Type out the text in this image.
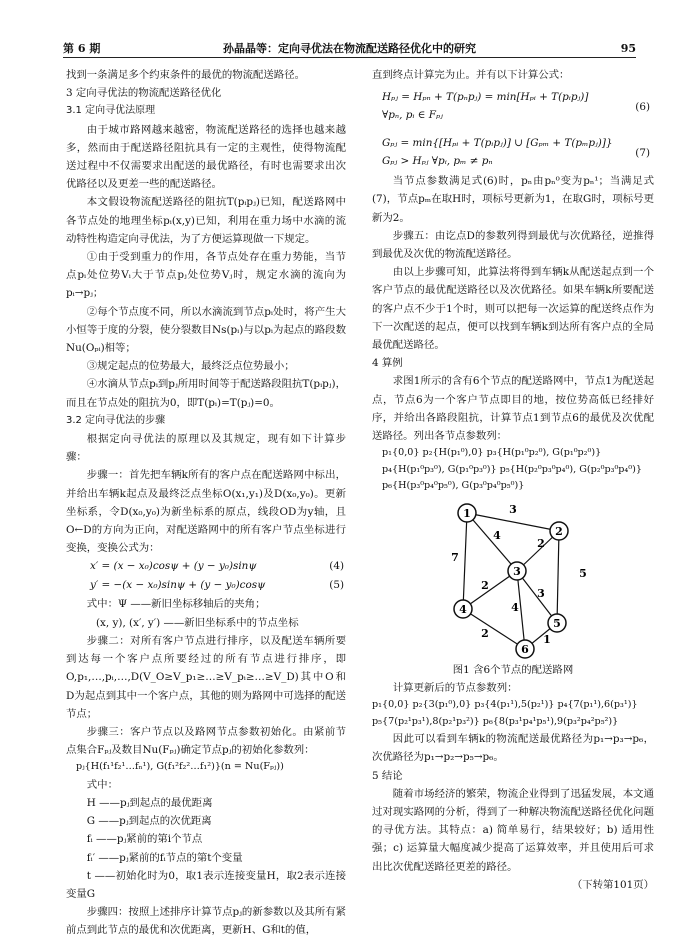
第 6 期	孙晶晶等：定向寻优法在物流配送路径优化中的研究	95

找到一条满足多个约束条件的最优的物流配送路径。

3 定向寻优法的物流配送路径优化

3.1 定向寻优法原理

由于城市路网越来越密，物流配送路径的选择也越来越多，然而由于配送路径阻抗具有一定的主观性，使得物流配送过程中不仅需要求出配送的最优路径，有时也需要求出次优路径以及更差一些的配送路径。

本文假设物流配送路径的阻抗T(pᵢpⱼ)已知，配送路网中各节点处的地理坐标pᵢ(x,y)已知，利用在重力场中水滴的流动特性构造定向寻优法，为了方便运算现做一下规定。

①由于受到重力的作用，各节点处存在重力势能，当节点pᵢ处位势Vᵢ大于节点pⱼ处位势Vⱼ时，规定水滴的流向为pᵢ→pⱼ；

②每个节点度不同，所以水滴流到节点pᵢ处时，将产生大小恒等于度的分裂，使分裂数目Ns(pᵢ)与以pᵢ为起点的路段数Nu(Oₚᵢ)相等；

③规定起点的位势最大，最终泛点位势最小；

④水滴从节点pᵢ到pⱼ所用时间等于配送路段阻抗T(pᵢpⱼ)，而且在节点处的阻抗为0，即T(pᵢ)=T(pⱼ)=0。

3.2 定向寻优法的步骤

根据定向寻优法的原理以及其规定，现有如下计算步骤：

步骤一：首先把车辆k所有的客户点在配送路网中标出，并给出车辆k起点及最终泛点坐标O(x₁,y₁)及D(x₀,y₀)。更新坐标系，令D(x₀,y₀)为新坐标系的原点，线段OD为y轴，且O←D的方向为正向，对配送路网中的所有客户节点坐标进行变换，变换公式为：

x′ = (x − x₀)cosψ + (y − y₀)sinψ	(4)
y′ = −(x − x₀)sinψ + (y − y₀)cosψ	(5)

式中：Ψ ——新旧坐标移轴后的夹角；

(x, y), (x′, y′) ——新旧坐标系中的节点坐标

步骤二：对所有客户节点进行排序，以及配送车辆所要到达每一个客户点所要经过的所有节点进行排序，即O,p₁,…,pᵢ,…,D(V_O≥V_p₁≥…≥V_pᵢ≥…≥V_D)其中O和D为起点到其中一个客户点，其他的则为路网中可选择的配送节点；

步骤三：客户节点以及路网节点参数初始化。由紧前节点集合Fₚⱼ及数目Nu(Fₚⱼ)确定节点pⱼ的初始化参数列：

pⱼ{H(f₁¹f₂¹…fₙ¹), G(f₁²f₂²…f₁²)}(n = Nu(Fₚⱼ))

式中：

H ——pⱼ到起点的最优距离

G ——pⱼ到起点的次优距离

fᵢ ——pⱼ紧前的第i个节点

fᵢ′ ——pⱼ紧前的fᵢ节点的第t个变量

t ——初始化时为0，取1表示连接变量H，取2表示连接变量G

步骤四：按照上述排序计算节点pⱼ的新参数以及其所有紧前点到此节点的最优和次优距离，更新H、G和t的值，

直到终点计算完为止。并有以下计算公式：

Hₚⱼ = Hₚₙ + T(pₙpⱼ) = min[Hₚᵢ + T(pᵢpⱼ)]
∀pₙ, pᵢ ∈ Fₚⱼ
(6)
Gₚⱼ = min{[Hₚᵢ + T(pᵢpⱼ)] ∪ [Gₚₘ + T(pₘpⱼ)]}
Gₚⱼ > Hₚⱼ ∀pᵢ, pₘ ≠ pₙ
(7)

当节点参数满足式(6)时，pₙ由pₙ⁰变为pₙ¹；当满足式(7)，节点pₘ在取H时，项标号更新为1，在取G时，项标号更新为2。

步骤五：由讫点D的参数列得到最优与次优路径，逆推得到最优及次优的物流配送路径。

由以上步骤可知，此算法将得到车辆k从配送起点到一个客户节点的最优配送路径以及次优路径。如果车辆k所要配送的客户点不少于1个时，则可以把每一次运算的配送终点作为下一次配送的起点，便可以找到车辆k到达所有客户点的全局最优配送路径。

4 算例

求图1所示的含有6个节点的配送路网中，节点1为配送起点，节点6为一个客户节点即目的地，按位势高低已经排好序，并给出各路段阻抗，计算节点1到节点6的最优及次优配送路径。列出各节点参数列：

p₁{0,0} p₂{H(p₁⁰),0} p₃{H(p₁⁰p₂⁰), G(p₁⁰p₂⁰)}

p₄{H(p₁⁰p₃⁰), G(p₁⁰p₃⁰)} p₅{H(p₂⁰p₃⁰p₄⁰), G(p₂⁰p₃⁰p₄⁰)}

p₆{H(p₃⁰p₄⁰p₅⁰), G(p₃⁰p₄⁰p₅⁰)}

3
4
7
2
5
2
4
3
2	1
1
2
3
4
5
6

图1 含6个节点的配送路网

计算更新后的节点参数列：

p₁{0,0} p₂{3(p₁⁰),0} p₃{4(p₁¹),5(p₂¹)} p₄{7(p₁¹),6(p₃¹)}

p₅{7(p₂¹p₃¹),8(p₂¹p₃²)} p₆{8(p₃¹p₄¹p₅¹),9(p₃²p₄²p₅²)}

因此可以看到车辆k的物流配送最优路径为p₁→p₃→p₆，次优路径为p₁→p₂→p₅→p₆。

5 结论

随着市场经济的繁荣，物流企业得到了迅猛发展，本文通过对现实路网的分析，得到了一种解决物流配送路径优化问题的寻优方法。其特点：a) 简单易行，结果较好；b) 适用性强；c) 运算量大幅度减少提高了运算效率，并且使用后可求出比次优配送路径更差的路径。

（下转第101页）
